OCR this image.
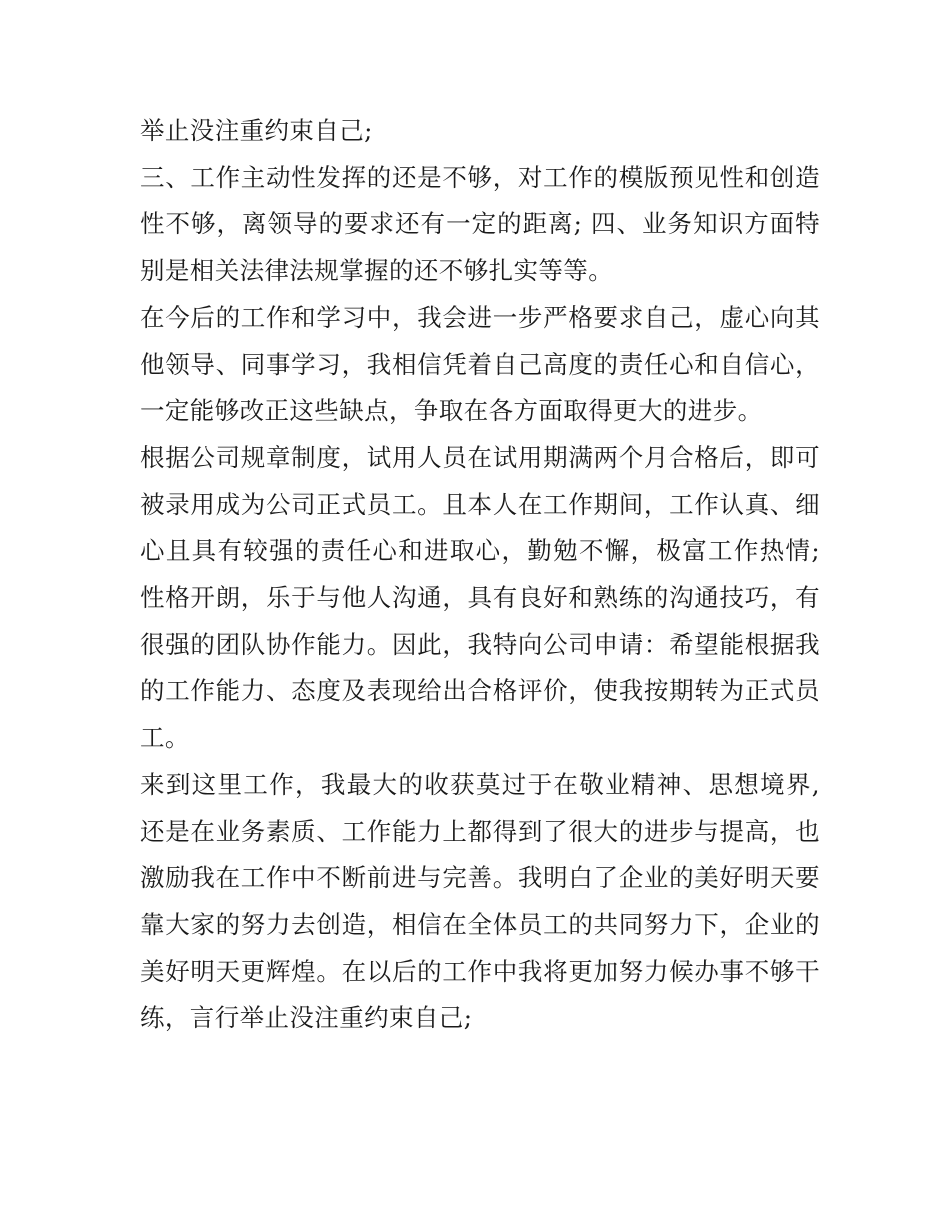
举止没注重约束自己;

三、工作主动性发挥的还是不够，对工作的模版预见性和创造性不够，离领导的要求还有一定的距离; 四、业务知识方面特别是相关法律法规掌握的还不够扎实等等。

在今后的工作和学习中，我会进一步严格要求自己，虚心向其他领导、同事学习，我相信凭着自己高度的责任心和自信心，一定能够改正这些缺点，争取在各方面取得更大的进步。

根据公司规章制度，试用人员在试用期满两个月合格后，即可被录用成为公司正式员工。且本人在工作期间，工作认真、细心且具有较强的责任心和进取心，勤勉不懈，极富工作热情;性格开朗，乐于与他人沟通，具有良好和熟练的沟通技巧，有很强的团队协作能力。因此，我特向公司申请：希望能根据我的工作能力、态度及表现给出合格评价，使我按期转为正式员工。

来到这里工作，我最大的收获莫过于在敬业精神、思想境界, 还是在业务素质、工作能力上都得到了很大的进步与提高，也激励我在工作中不断前进与完善。我明白了企业的美好明天要靠大家的努力去创造，相信在全体员工的共同努力下，企业的美好明天更辉煌。在以后的工作中我将更加努力候办事不够干练，言行举止没注重约束自己;
